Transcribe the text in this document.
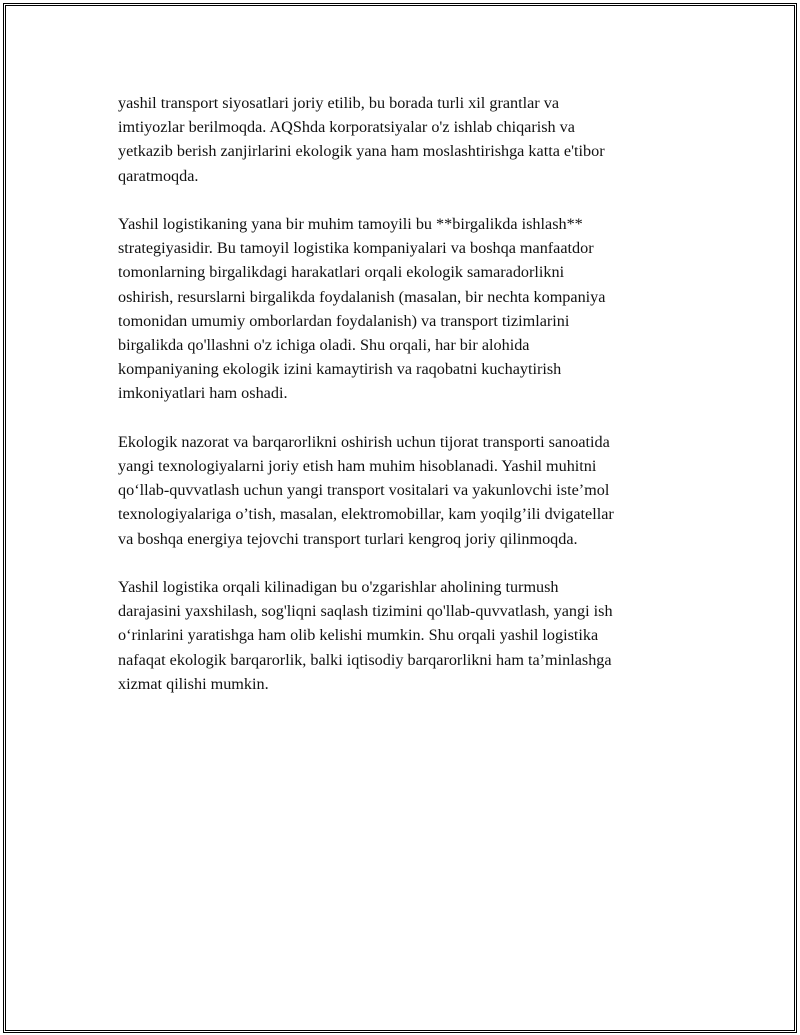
yashil transport siyosatlari joriy etilib, bu borada turli xil grantlar va
imtiyozlar berilmoqda. AQShda korporatsiyalar o'z ishlab chiqarish va
yetkazib berish zanjirlarini ekologik yana ham moslashtirishga katta e'tibor
qaratmoqda.

Yashil logistikaning yana bir muhim tamoyili bu **birgalikda ishlash**
strategiyasidir. Bu tamoyil logistika kompaniyalari va boshqa manfaatdor
tomonlarning birgalikdagi harakatlari orqali ekologik samaradorlikni
oshirish, resurslarni birgalikda foydalanish (masalan, bir nechta kompaniya
tomonidan umumiy omborlardan foydalanish) va transport tizimlarini
birgalikda qo'llashni o'z ichiga oladi. Shu orqali, har bir alohida
kompaniyaning ekologik izini kamaytirish va raqobatni kuchaytirish
imkoniyatlari ham oshadi.

Ekologik nazorat va barqarorlikni oshirish uchun tijorat transporti sanoatida
yangi texnologiyalarni joriy etish ham muhim hisoblanadi. Yashil muhitni
qo‘llab-quvvatlash uchun yangi transport vositalari va yakunlovchi iste’mol
texnologiyalariga o’tish, masalan, elektromobillar, kam yoqilg’ili dvigatellar
va boshqa energiya tejovchi transport turlari kengroq joriy qilinmoqda.

Yashil logistika orqali kilinadigan bu o'zgarishlar aholining turmush
darajasini yaxshilash, sog'liqni saqlash tizimini qo'llab-quvvatlash, yangi ish
o‘rinlarini yaratishga ham olib kelishi mumkin. Shu orqali yashil logistika
nafaqat ekologik barqarorlik, balki iqtisodiy barqarorlikni ham ta’minlashga
xizmat qilishi mumkin.
